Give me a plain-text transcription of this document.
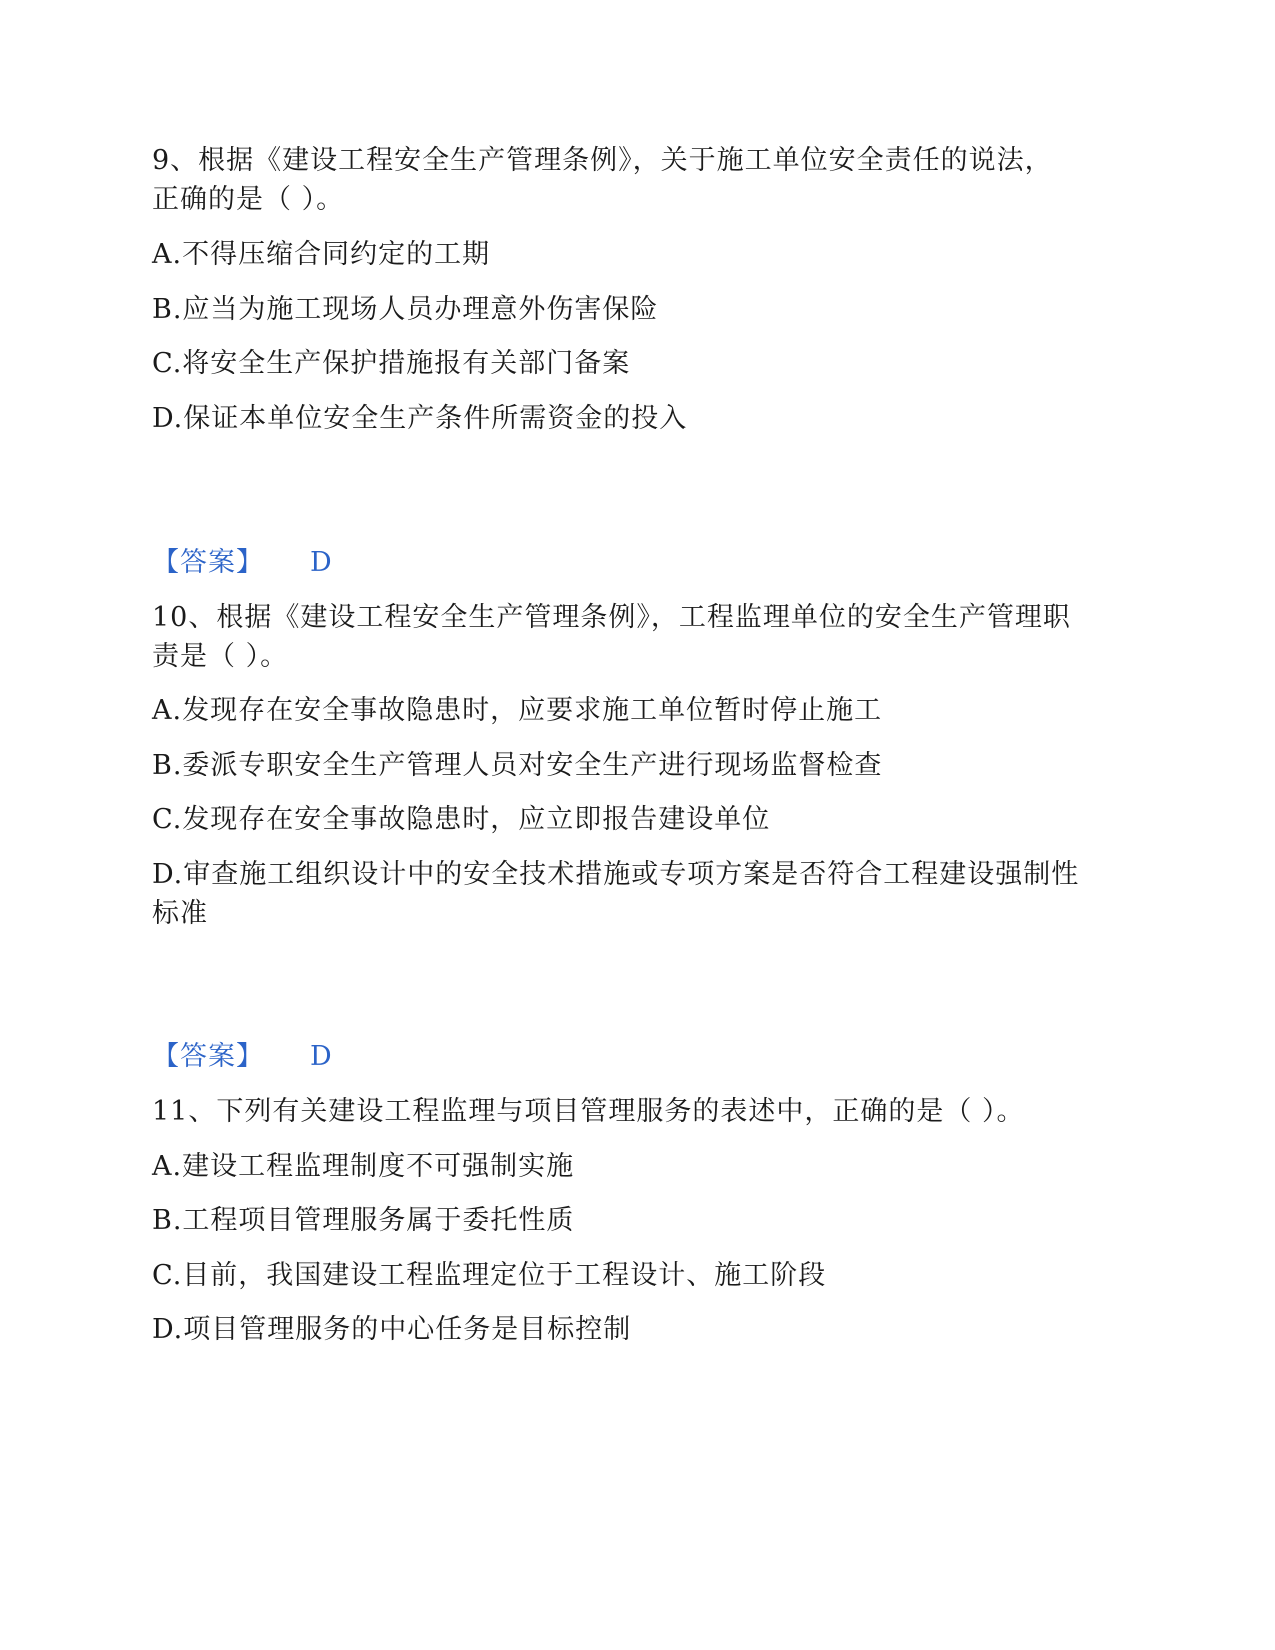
9、根据《建设工程安全生产管理条例》，关于施工单位安全责任的说法，
正确的是（ ）。
A.不得压缩合同约定的工期
B.应当为施工现场人员办理意外伤害保险
C.将安全生产保护措施报有关部门备案
D.保证本单位安全生产条件所需资金的投入
【答案】 D
10、根据《建设工程安全生产管理条例》，工程监理单位的安全生产管理职
责是（ ）。
A.发现存在安全事故隐患时，应要求施工单位暂时停止施工
B.委派专职安全生产管理人员对安全生产进行现场监督检查
C.发现存在安全事故隐患时，应立即报告建设单位
D.审查施工组织设计中的安全技术措施或专项方案是否符合工程建设强制性
标准
【答案】 D
11、下列有关建设工程监理与项目管理服务的表述中，正确的是（ ）。
A.建设工程监理制度不可强制实施
B.工程项目管理服务属于委托性质
C.目前，我国建设工程监理定位于工程设计、施工阶段
D.项目管理服务的中心任务是目标控制
